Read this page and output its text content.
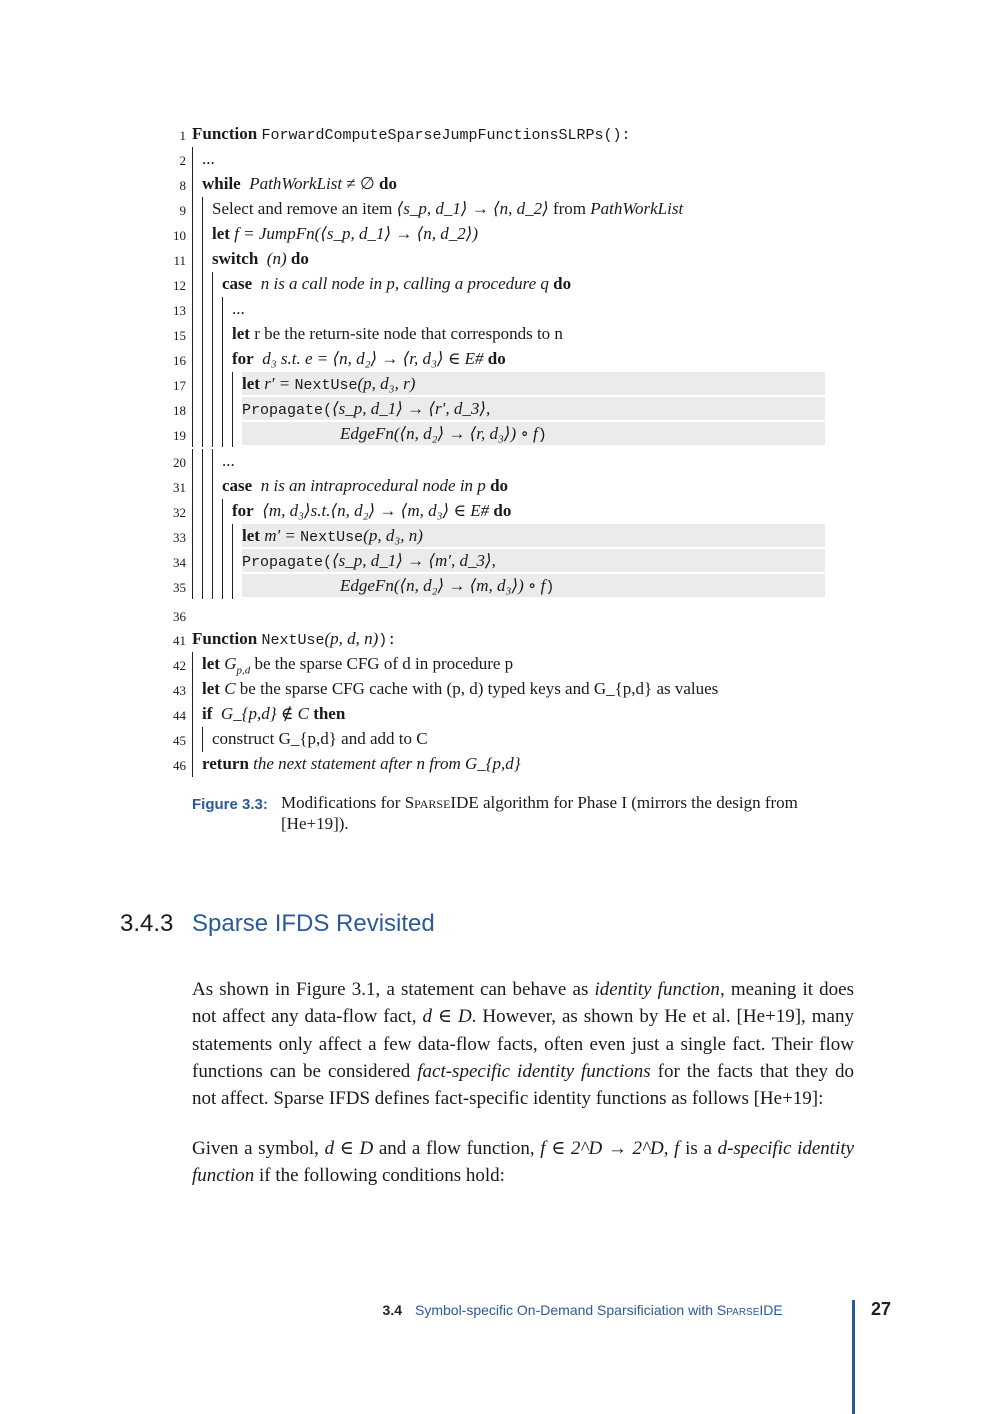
1 Function ForwardComputeSparseJumpFunctionsSLRPs():
2 ...
8 while PathWorkList ≠ ∅ do
9 Select and remove an item ⟨s_p, d_1⟩ → ⟨n, d_2⟩ from PathWorkList
10 let f = JumpFn(⟨s_p, d_1⟩ → ⟨n, d_2⟩)
11 switch (n) do
12 case n is a call node in p, calling a procedure q do
13	...
15	let r be the return-site node that corresponds to n
16	for d₃ s.t. e = ⟨n, d₂⟩ → ⟨r, d₃⟩ ∈ E# do
17	let r′ = NextUse(p, d₃, r)
18	Propagate(⟨s_p, d_1⟩ → ⟨r′, d_3⟩,
19	EdgeFn(⟨n, d₂⟩ → ⟨r, d₃⟩) ∘ f)
20 ...
31 case n is an intraprocedural node in p do
32	for ⟨m, d₃⟩s.t.⟨n, d₂⟩ → ⟨m, d₃⟩ ∈ E# do
33	let m′ = NextUse(p, d₃, n)
34	Propagate(⟨s_p, d_1⟩ → ⟨m′, d_3⟩,
35	EdgeFn(⟨n, d₂⟩ → ⟨m, d₃⟩) ∘ f)
36
41 Function NextUse(p, d, n)):
42 let $G_{p,d}$ be the sparse CFG of d in procedure p
43 let C be the sparse CFG cache with (p, d) typed keys and G_{p,d} as values
44 if G_{p,d} ∉ C then
45 construct G_{p,d} and add to C
46 return the next statement after n from G_{p,d}
Figure 3.3: Modifications for SparseIDE algorithm for Phase I (mirrors the design from [He+19]).
3.4.3 Sparse IFDS Revisited
As shown in Figure 3.1, a statement can behave as identity function, meaning it does not affect any data-flow fact, d ∈ D. However, as shown by He et al. [He+19], many statements only affect a few data-flow facts, often even just a single fact. Their flow functions can be considered fact-specific identity functions for the facts that they do not affect. Sparse IFDS defines fact-specific identity functions as follows [He+19]:
Given a symbol, d ∈ D and a flow function, f ∈ 2^D → 2^D, f is a d-specific identity function if the following conditions hold:
3.4 Symbol-specific On-Demand Sparsificiation with SparseIDE	27
